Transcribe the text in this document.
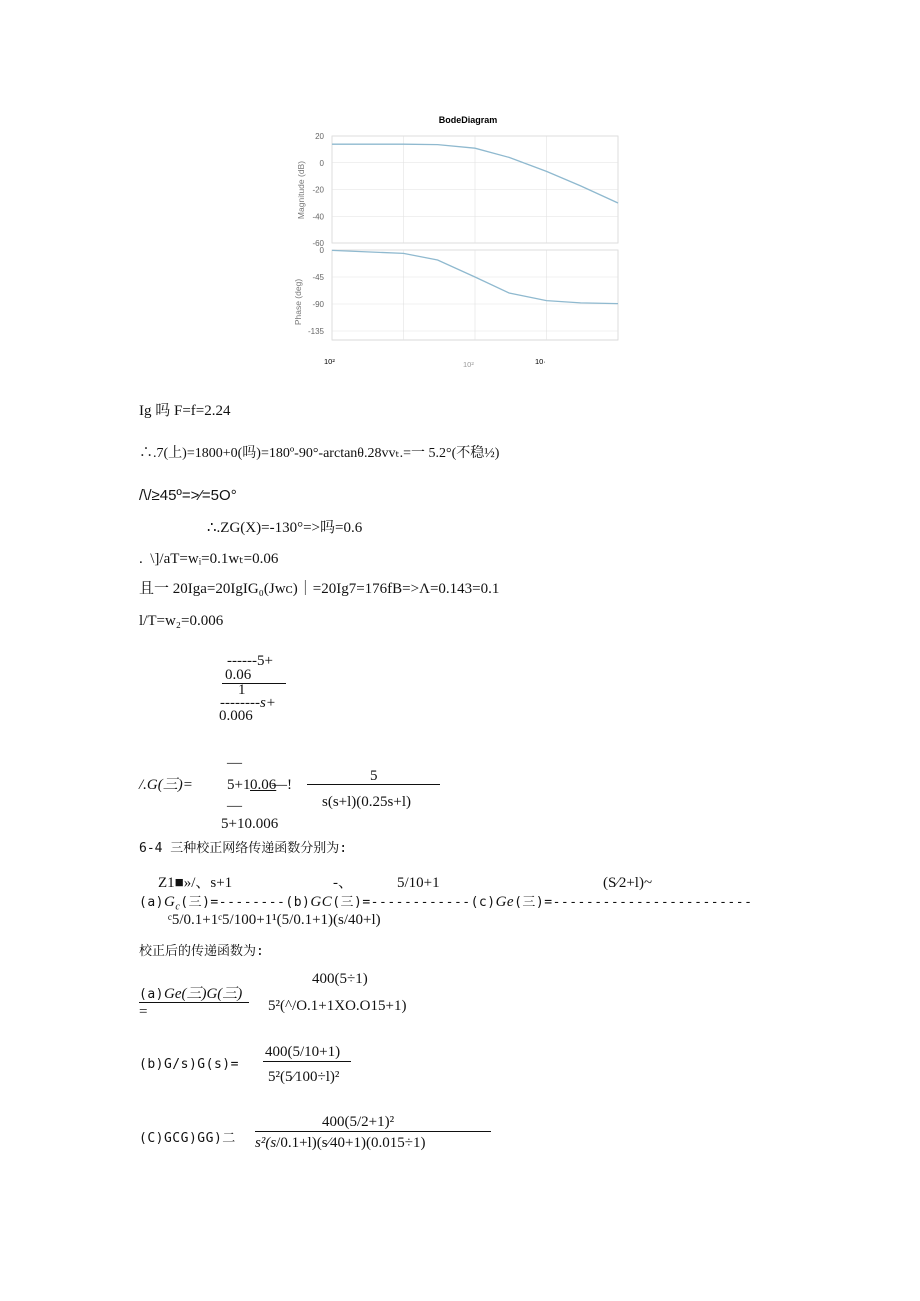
BodeDiagram
20
0
-20
-40
-60
Magnitude (dB)
0
-45
-90
-135
Phase (deg)
10²	10²	10·
Ig 吗 F=f=2.24
∴.7(上)=1800+0(吗)=180º-90°-arctanθ.28vvₜ.=一 5.2°(不稳½)
/\/≥45º=>⁄=5O°
∴.ZG(X)=-130°=>吗=0.6
. \]/aT=wᵢ=0.1wₜ=0.06
且一 20Iga=20IgIG₀(Jwᴄ)｜=20Ig7=176fB=>Λ=0.143=0.1
l/T=w₂=0.006
------5+
0.06
1
--------s+
0.006
—
/.G(三)= 5+1 0.06
—!
5
s(s+l)(0.25s+l)
—
5+10.006
6-4 三种校正网络传递函数分别为:
Z1■»/、s+1	-、	5/10+1	(S⁄2+l)~
$(a)G_c$(三)=--------(b)GC(三)=------------(c)Ge(三)=------------------------
ᶜ5/0.1+1ᶜ5/100+1¹(5/0.1+1)(s/40+l)
校正后的传递函数为:
400(5÷1)
(a)Ge(三)G(三)
5²(^/O.1+1XO.O15+1)
=
400(5/10+1)
(b)G/s)G(s)=
5²(5⁄100÷l)²
400(5/2+1)²
(C)GCG)GG)二 s²(s/0.1+l)(s⁄40+1)(0.015÷1)
